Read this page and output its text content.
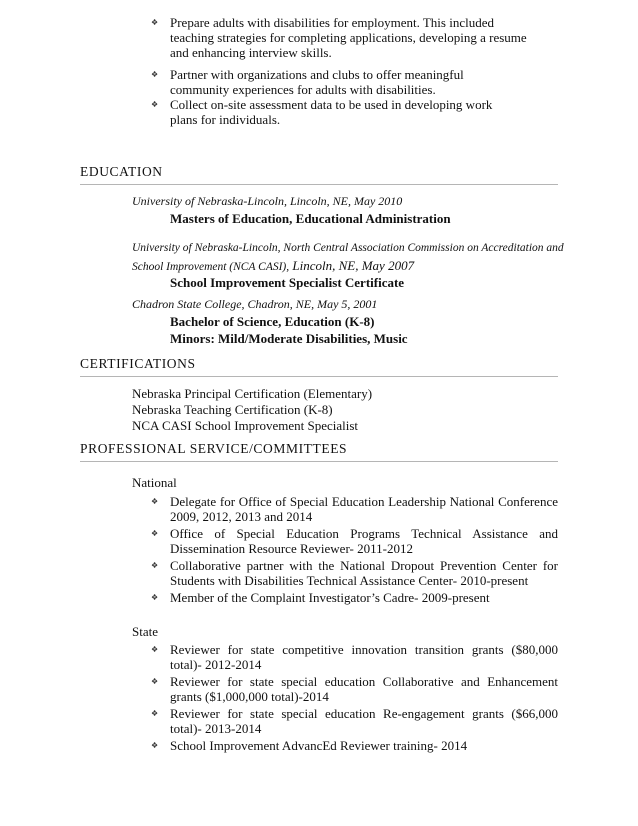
❖ Prepare adults with disabilities for employment. This included teaching strategies for completing applications, developing a resume and enhancing interview skills.
❖ Partner with organizations and clubs to offer meaningful community experiences for adults with disabilities.
❖ Collect on-site assessment data to be used in developing work plans for individuals.
EDUCATION
University of Nebraska-Lincoln, Lincoln, NE, May 2010
Masters of Education, Educational Administration
University of Nebraska-Lincoln, North Central Association Commission on Accreditation and
School Improvement (NCA CASI), Lincoln, NE, May 2007
School Improvement Specialist Certificate
Chadron State College, Chadron, NE, May 5, 2001
Bachelor of Science, Education (K-8)
Minors: Mild/Moderate Disabilities, Music
CERTIFICATIONS
Nebraska Principal Certification (Elementary)
Nebraska Teaching Certification (K-8)
NCA CASI School Improvement Specialist
PROFESSIONAL SERVICE/COMMITTEES
National
❖ Delegate for Office of Special Education Leadership National Conference 2009, 2012, 2013 and 2014
❖ Office of Special Education Programs Technical Assistance and Dissemination Resource Reviewer- 2011-2012
❖ Collaborative partner with the National Dropout Prevention Center for Students with Disabilities Technical Assistance Center- 2010-present
❖ Member of the Complaint Investigator’s Cadre- 2009-present
State
❖ Reviewer for state competitive innovation transition grants ($80,000 total)- 2012-2014
❖ Reviewer for state special education Collaborative and Enhancement grants ($1,000,000 total)-2014
❖ Reviewer for state special education Re-engagement grants ($66,000 total)- 2013-2014
❖ School Improvement AdvancEd Reviewer training- 2014
